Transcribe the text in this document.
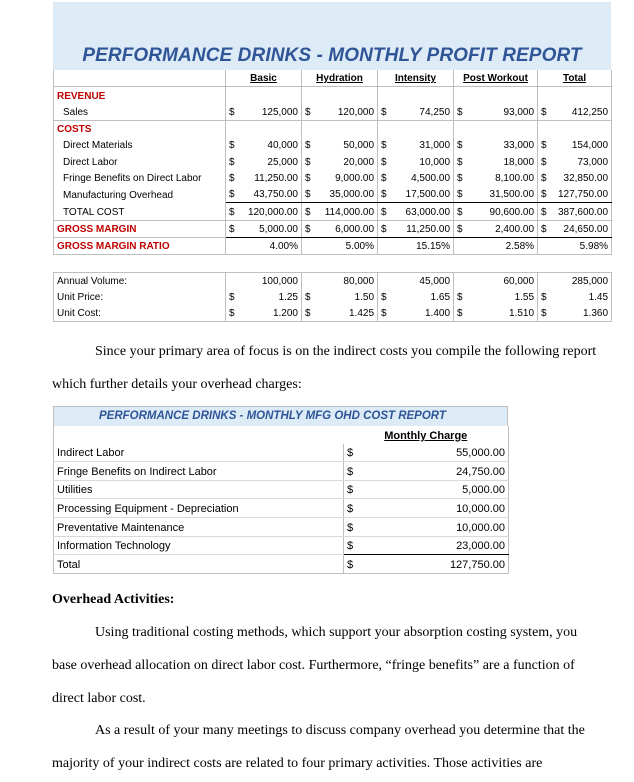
PERFORMANCE DRINKS - MONTHLY PROFIT REPORT
	Basic		Hydration		Intensity		Post Workout		Total	
REVENUE										
Sales	$	125,000	$	120,000	$	74,250	$	93,000	$	412,250
COSTS										
Direct Materials	$	40,000	$	50,000	$	31,000	$	33,000	$	154,000
Direct Labor	$	25,000	$	20,000	$	10,000	$	18,000	$	73,000
Fringe Benefits on Direct Labor	$	11,250.00	$	9,000.00	$	4,500.00	$	8,100.00	$	32,850.00
Manufacturing Overhead	$	43,750.00	$	35,000.00	$	17,500.00	$	31,500.00	$	127,750.00
TOTAL COST	$	120,000.00	$	114,000.00	$	63,000.00	$	90,600.00	$	387,600.00
GROSS MARGIN	$	5,000.00	$	6,000.00	$	11,250.00	$	2,400.00	$	24,650.00
GROSS MARGIN RATIO		4.00%		5.00%		15.15%		2.58%		5.98%

Annual Volume:		100,000		80,000		45,000		60,000		285,000
Unit Price:	$	1.25	$	1.50	$	1.65	$	1.55	$	1.45
Unit Cost:	$	1.200	$	1.425	$	1.400	$	1.510	$	1.360
Since your primary area of focus is on the indirect costs you compile the following report
which further details your overhead charges:
PERFORMANCE DRINKS - MONTHLY MFG OHD COST REPORT
	Monthly Charge	
Indirect Labor	$	55,000.00
Fringe Benefits on Indirect Labor	$	24,750.00
Utilities	$	5,000.00
Processing Equipment - Depreciation	$	10,000.00
Preventative Maintenance	$	10,000.00
Information Technology	$	23,000.00
Total	$	127,750.00
Overhead Activities:
Using traditional costing methods, which support your absorption costing system, you
base overhead allocation on direct labor cost. Furthermore, “fringe benefits” are a function of
direct labor cost.
As a result of your many meetings to discuss company overhead you determine that the
majority of your indirect costs are related to four primary activities. Those activities are
